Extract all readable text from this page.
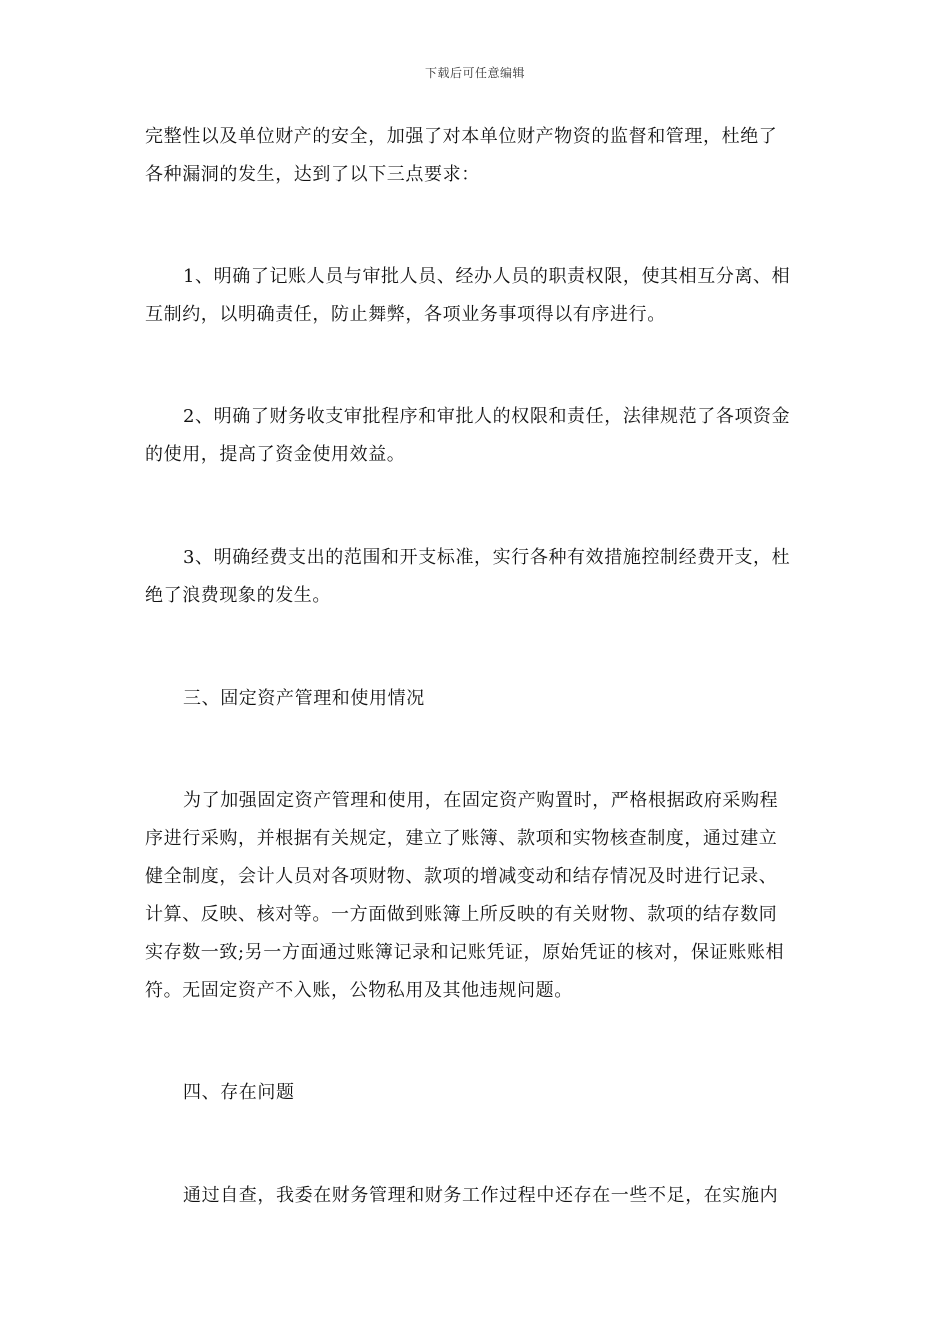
下载后可任意编辑
完整性以及单位财产的安全，加强了对本单位财产物资的监督和管理，杜绝了
各种漏洞的发生，达到了以下三点要求：
1、明确了记账人员与审批人员、经办人员的职责权限，使其相互分离、相
互制约，以明确责任，防止舞弊，各项业务事项得以有序进行。
2、明确了财务收支审批程序和审批人的权限和责任，法律规范了各项资金
的使用，提高了资金使用效益。
3、明确经费支出的范围和开支标准，实行各种有效措施控制经费开支，杜
绝了浪费现象的发生。
三、固定资产管理和使用情况
为了加强固定资产管理和使用，在固定资产购置时，严格根据政府采购程
序进行采购，并根据有关规定，建立了账簿、款项和实物核查制度，通过建立
健全制度，会计人员对各项财物、款项的增减变动和结存情况及时进行记录、
计算、反映、核对等。一方面做到账簿上所反映的有关财物、款项的结存数同
实存数一致;另一方面通过账簿记录和记账凭证，原始凭证的核对，保证账账相
符。无固定资产不入账，公物私用及其他违规问题。
四、存在问题
通过自查，我委在财务管理和财务工作过程中还存在一些不足，在实施内
